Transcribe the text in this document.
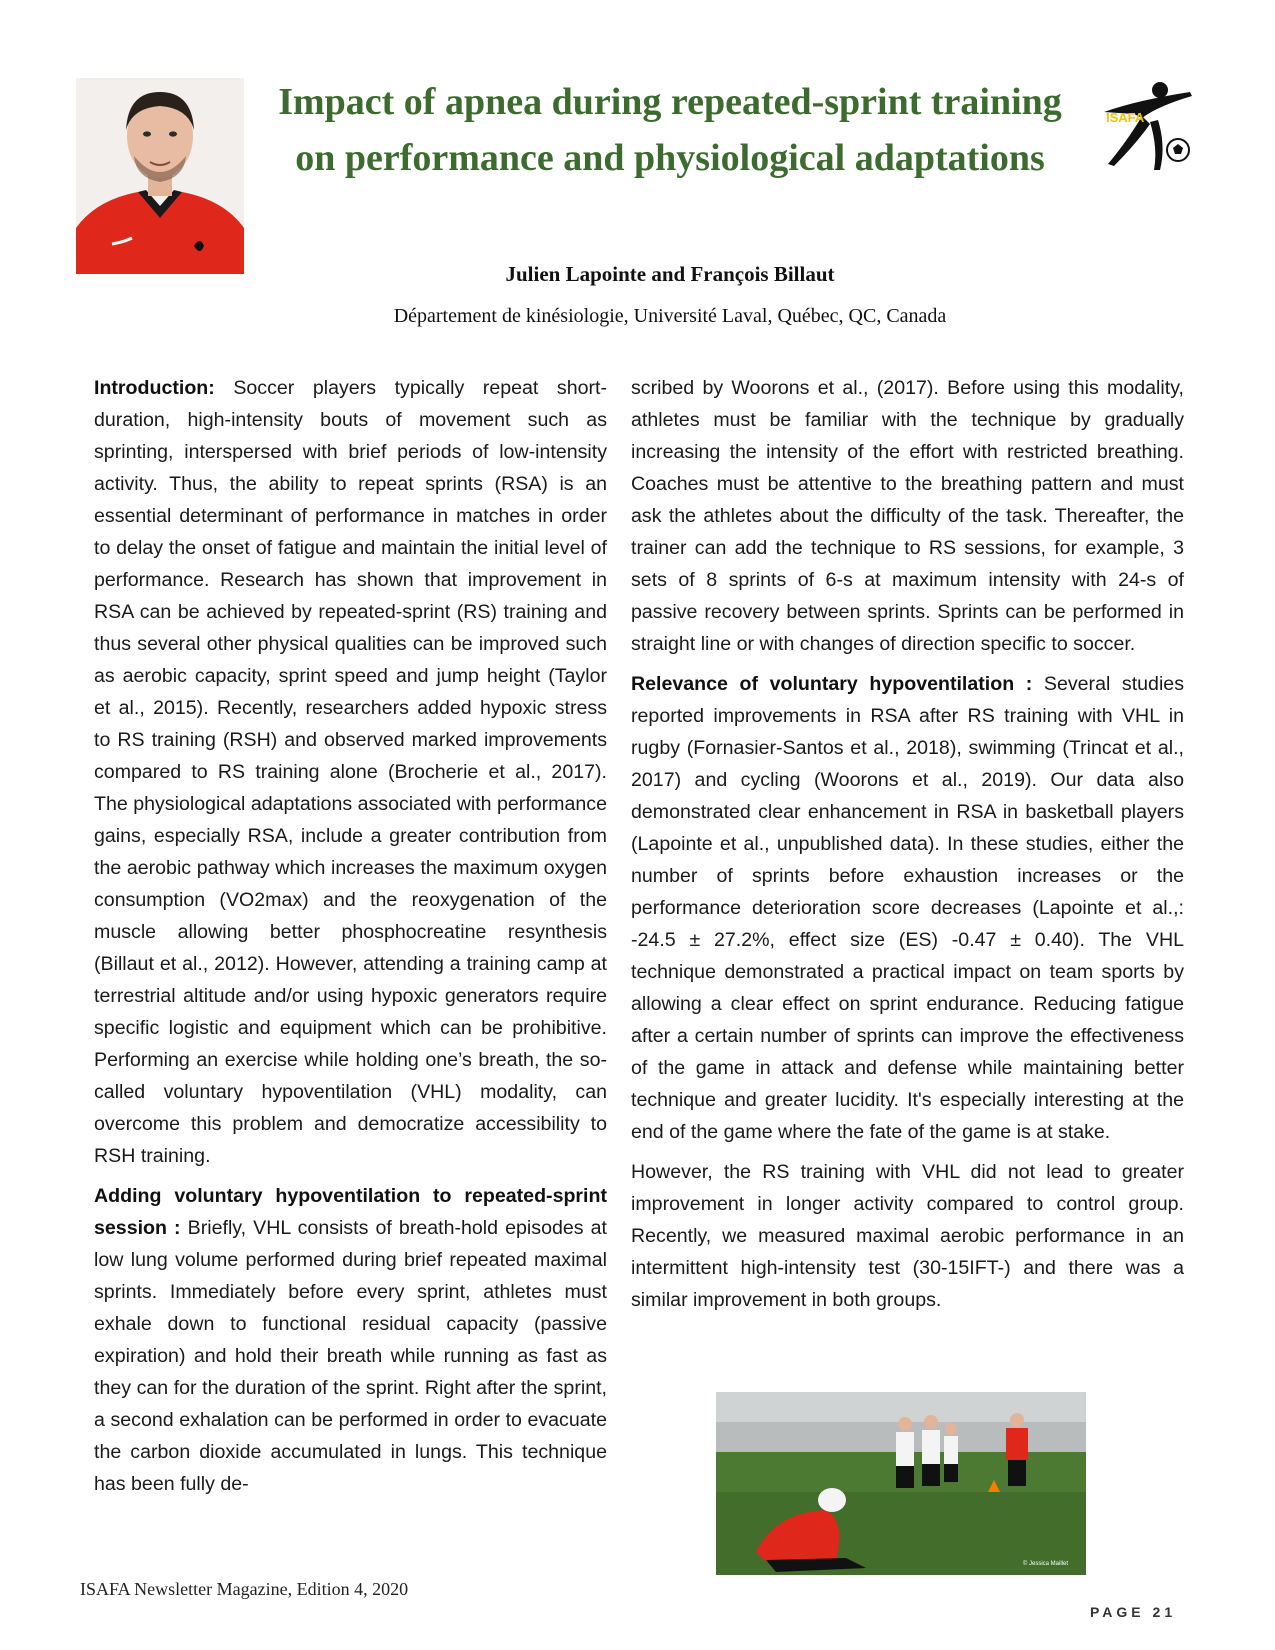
ISAFA
Impact of apnea during repeated-sprint training on performance and physiological adaptations
Julien Lapointe and François Billaut
Département de kinésiologie, Université Laval, Québec, QC, Canada

Introduction: Soccer players typically repeat short-duration, high-intensity bouts of movement such as sprinting, interspersed with brief periods of low-intensity activity. Thus, the ability to repeat sprints (RSA) is an essential determinant of performance in matches in order to delay the onset of fatigue and maintain the initial level of performance. Research has shown that improvement in RSA can be achieved by repeated-sprint (RS) training and thus several other physical qualities can be improved such as aerobic capacity, sprint speed and jump height (Taylor et al., 2015). Recently, researchers added hypoxic stress to RS training (RSH) and observed marked improvements compared to RS training alone (Brocherie et al., 2017). The physiological adaptations associated with performance gains, especially RSA, include a greater contribution from the aerobic pathway which increases the maximum oxygen consumption (VO2max) and the reoxygenation of the muscle allowing better phosphocreatine resynthesis (Billaut et al., 2012). However, attending a training camp at terrestrial altitude and/or using hypoxic generators require specific logistic and equipment which can be prohibitive. Performing an exercise while holding one’s breath, the so-called voluntary hypoventilation (VHL) modality, can overcome this problem and democratize accessibility to RSH training.

Adding voluntary hypoventilation to repeated-sprint session : Briefly, VHL consists of breath-hold episodes at low lung volume performed during brief repeated maximal sprints. Immediately before every sprint, athletes must exhale down to functional residual capacity (passive expiration) and hold their breath while running as fast as they can for the duration of the sprint. Right after the sprint, a second exhalation can be performed in order to evacuate the carbon dioxide accumulated in lungs. This technique has been fully de-

scribed by Woorons et al., (2017). Before using this modality, athletes must be familiar with the technique by gradually increasing the intensity of the effort with restricted breathing. Coaches must be attentive to the breathing pattern and must ask the athletes about the difficulty of the task. Thereafter, the trainer can add the technique to RS sessions, for example, 3 sets of 8 sprints of 6-s at maximum intensity with 24-s of passive recovery between sprints. Sprints can be performed in straight line or with changes of direction specific to soccer.

Relevance of voluntary hypoventilation : Several studies reported improvements in RSA after RS training with VHL in rugby (Fornasier-Santos et al., 2018), swimming (Trincat et al., 2017) and cycling (Woorons et al., 2019). Our data also demonstrated clear enhancement in RSA in basketball players (Lapointe et al., unpublished data). In these studies, either the number of sprints before exhaustion increases or the performance deterioration score decreases (Lapointe et al.,: -24.5 ± 27.2%, effect size (ES) -0.47 ± 0.40). The VHL technique demonstrated a practical impact on team sports by allowing a clear effect on sprint endurance. Reducing fatigue after a certain number of sprints can improve the effectiveness of the game in attack and defense while maintaining better technique and greater lucidity. It's especially interesting at the end of the game where the fate of the game is at stake.

However, the RS training with VHL did not lead to greater improvement in longer activity compared to control group. Recently, we measured maximal aerobic performance in an intermittent high-intensity test (30-15IFT-) and there was a similar improvement in both groups.

© Jessica Maillet
ISAFA Newsletter Magazine, Edition 4, 2020
PAGE 21
